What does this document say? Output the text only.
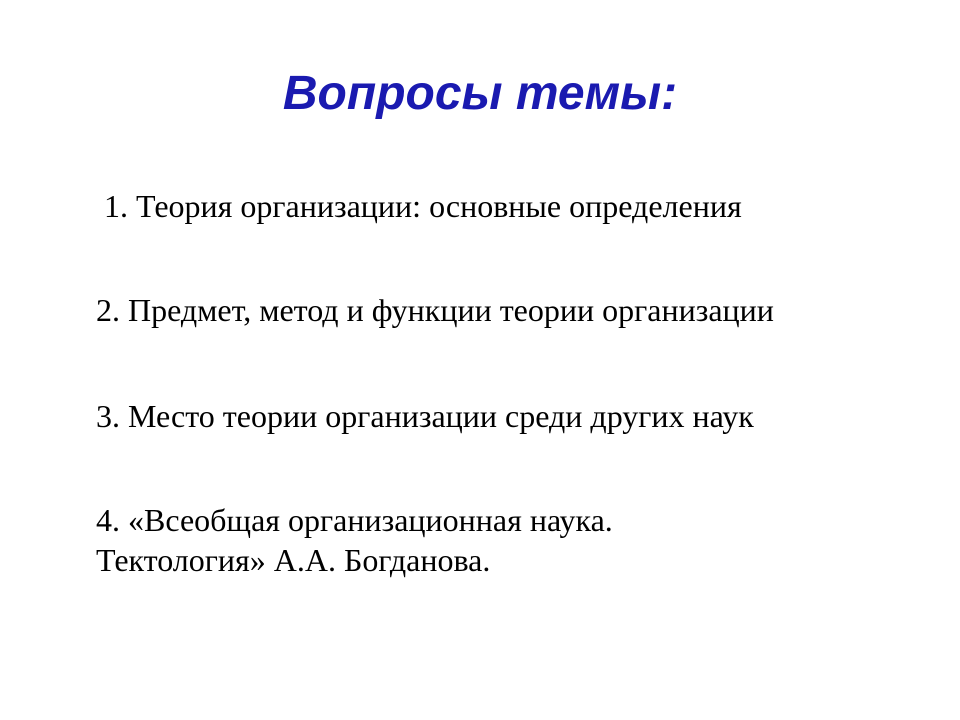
Вопросы темы:
1. Теория организации: основные определения
2. Предмет, метод и функции теории организации
3. Место теории организации среди других наук
4. «Всеобщая организационная наука.
Тектология» А.А. Богданова.
